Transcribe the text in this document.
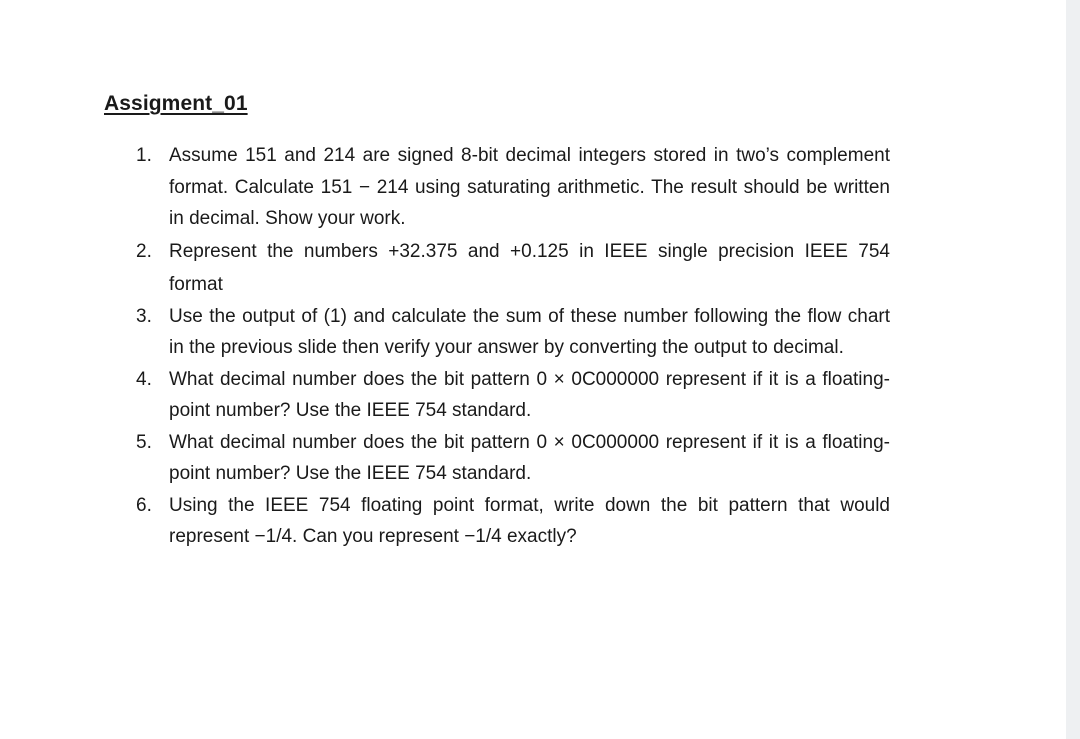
Assigment_01
1. Assume 151 and 214 are signed 8-bit decimal integers stored in two’s complement format. Calculate 151 − 214 using saturating arithmetic. The result should be written in decimal. Show your work.
2. Represent the numbers +32.375 and +0.125 in IEEE single precision IEEE 754 format
3. Use the output of (1) and calculate the sum of these number following the flow chart in the previous slide then verify your answer by converting the output to decimal.
4. What decimal number does the bit pattern 0 × 0C000000 represent if it is a floating-point number? Use the IEEE 754 standard.
5. What decimal number does the bit pattern 0 × 0C000000 represent if it is a floating-point number? Use the IEEE 754 standard.
6. Using the IEEE 754 floating point format, write down the bit pattern that would represent −1/4. Can you represent −1/4 exactly?
